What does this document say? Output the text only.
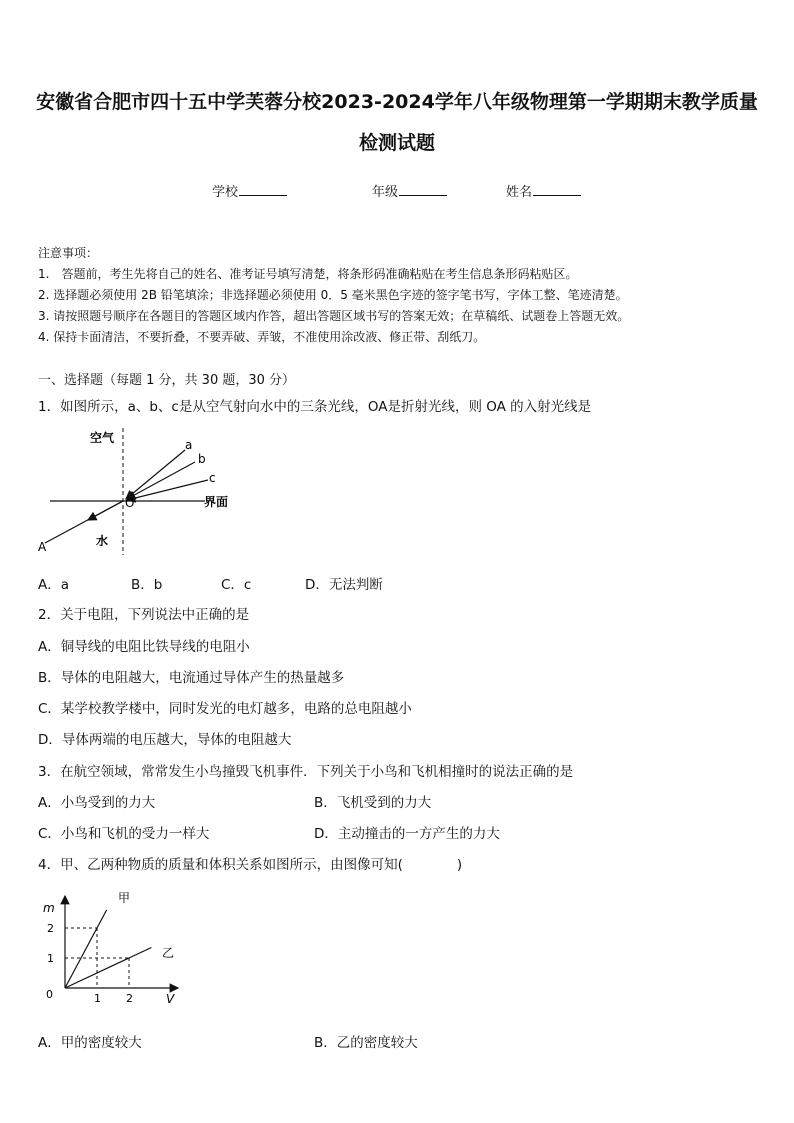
安徽省合肥市四十五中学芙蓉分校2023-2024学年八年级物理第一学期期末教学质量
检测试题
学校	年级	姓名
注意事项：
1.　答题前，考生先将自己的姓名、准考证号填写清楚，将条形码准确粘贴在考生信息条形码粘贴区。
2. 选择题必须使用 2B 铅笔填涂；非选择题必须使用 0．5 毫米黑色字迹的签字笔书写，字体工整、笔迹清楚。
3. 请按照题号顺序在各题目的答题区域内作答，超出答题区域书写的答案无效；在草稿纸、试题卷上答题无效。
4. 保持卡面清洁，不要折叠，不要弄破、弄皱，不准使用涂改液、修正带、刮纸刀。
一、选择题（每题 1 分，共 30 题，30 分）
1．如图所示，a、b、c是从空气射向水中的三条光线，OA是折射光线，则 OA 的入射光线是
空气	a
b
c
O	界面
水
A
A．a	B．b	C．c	D．无法判断
2．关于电阻，下列说法中正确的是
A．铜导线的电阻比铁导线的电阻小
B．导体的电阻越大，电流通过导体产生的热量越多
C．某学校教学楼中，同时发光的电灯越多，电路的总电阻越小
D．导体两端的电压越大，导体的电阻越大
3．在航空领域，常常发生小鸟撞毁飞机事件．下列关于小鸟和飞机相撞时的说法正确的是
A．小鸟受到的力大	B．飞机受到的力大
C．小鸟和飞机的受力一样大	D．主动撞击的一方产生的力大
4．甲、乙两种物质的质量和体积关系如图所示，由图像可知(　　　　)
1 2
1
2
m
V
0
甲
乙
A．甲的密度较大	B．乙的密度较大
